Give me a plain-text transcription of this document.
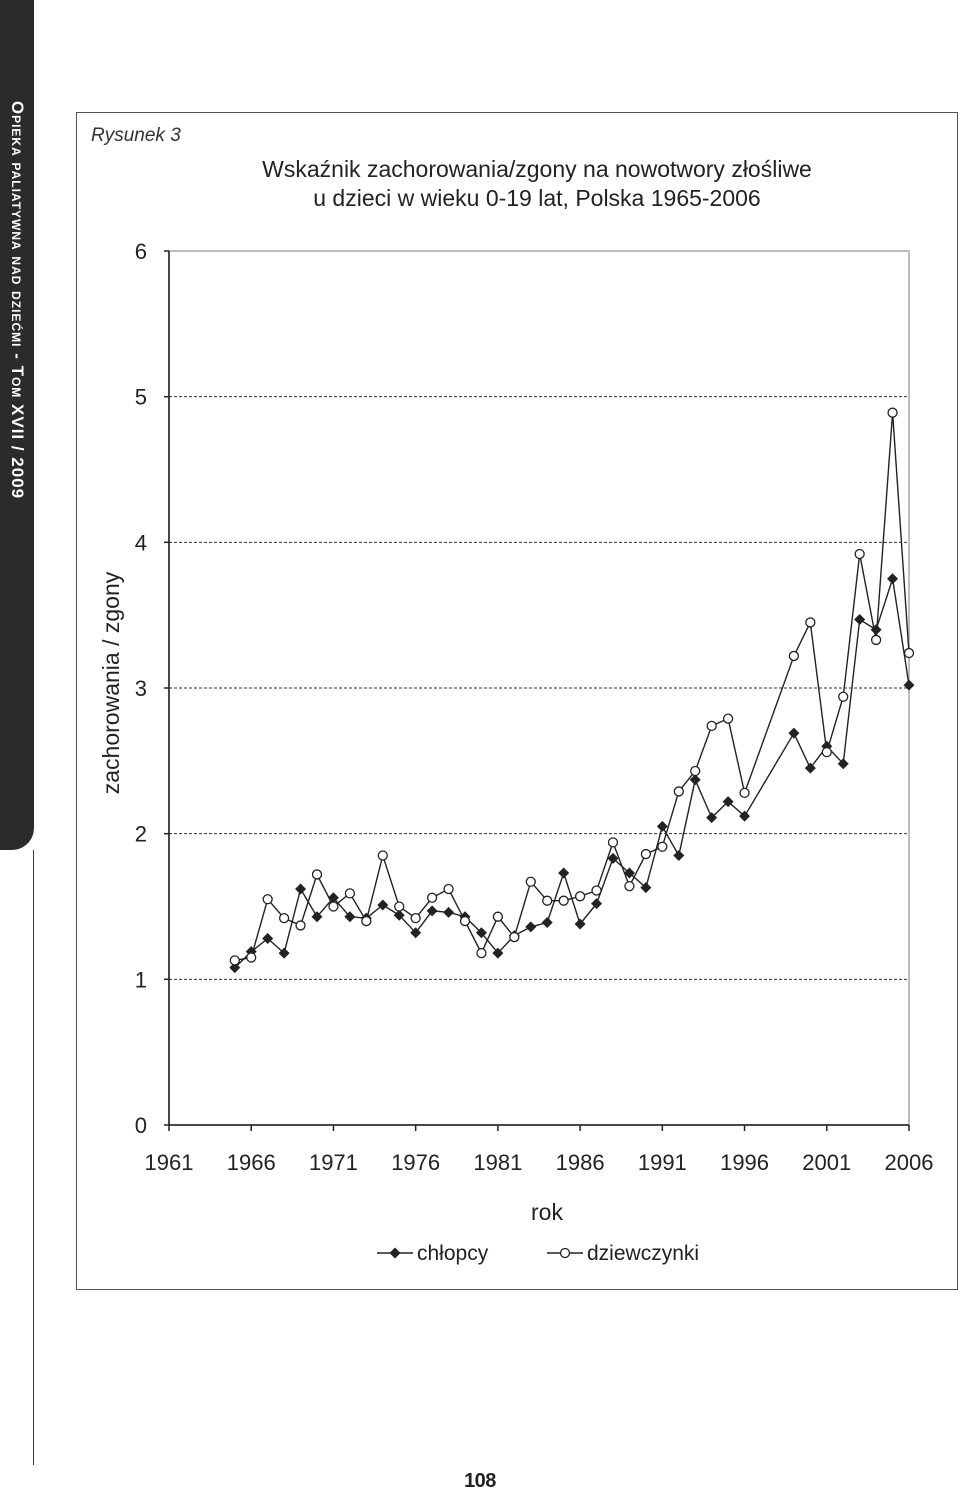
Opieka paliatywna nad dziećmi - Tom XVII / 2009	Rysunek 3
Wskaźnik zachorowania/zgony na nowotwory złośliwe
u dzieci w wieku 0-19 lat, Polska 1965-2006
0
1
2
3
4
5
6
1961 1966 1971 1976 1981 1986 1991 1996 2001 2006
rok
zachorowania / zgony
chłopcy	dziewczynki
108
